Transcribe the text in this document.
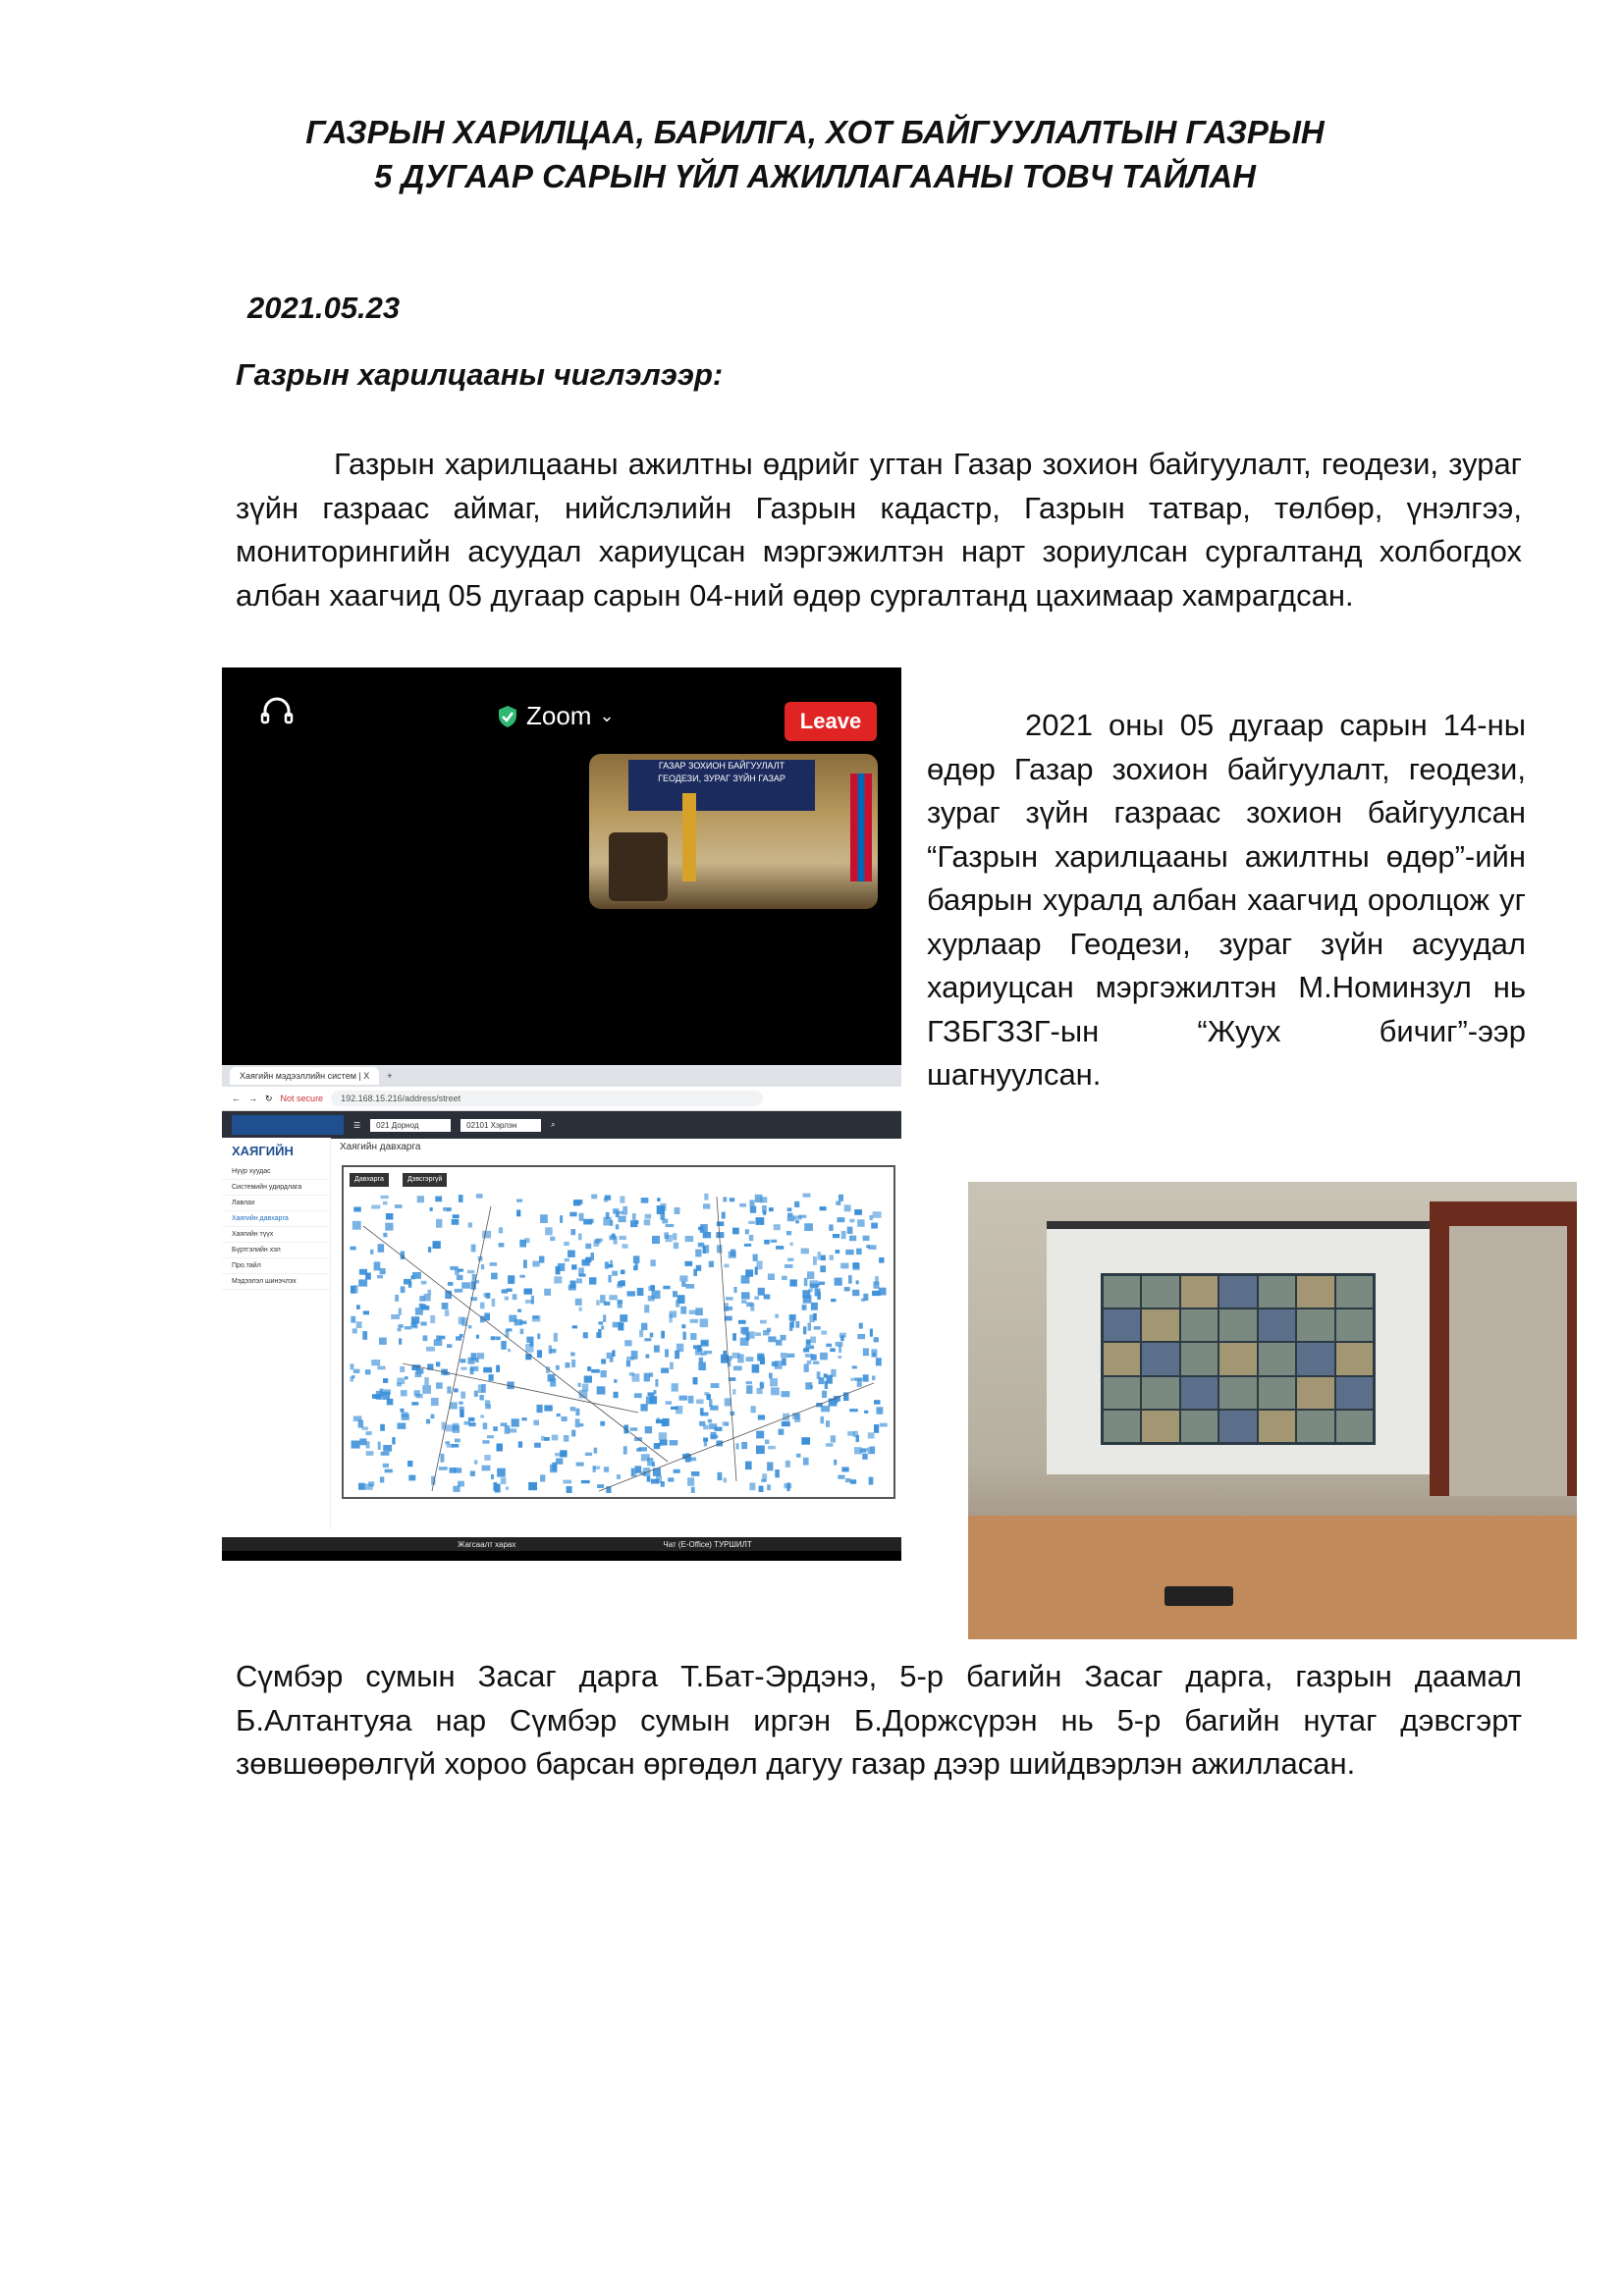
ГАЗРЫН ХАРИЛЦАА, БАРИЛГА, ХОТ БАЙГУУЛАЛТЫН ГАЗРЫН
5 ДУГААР САРЫН ҮЙЛ АЖИЛЛАГААНЫ ТОВЧ ТАЙЛАН
2021.05.23
Газрын харилцааны чиглэлээр:

Газрын харилцааны ажилтны өдрийг угтан Газар зохион байгуулалт, геодези, зураг зүйн газраас аймаг, нийслэлийн Газрын кадастр, Газрын татвар, төлбөр, үнэлгээ, мониторингийн асуудал хариуцсан мэргэжилтэн нарт зориулсан сургалтанд холбогдох албан хаагчид 05 дугаар сарын 04-ний өдөр сургалтанд цахимаар хамрагдсан.

Zoom ⌄	Leave
ГАЗАР ЗОХИОН БАЙГУУЛАЛТ
ГЕОДЕЗИ, ЗУРАГ ЗҮЙН ГАЗАР
Хаягийн мэдээллийн систем | Х	+
← → ↻ Not secure	192.168.15.216/address/street
☰	021 Дорнод	02101 Хэрлэн	⌕
ХАЯГИЙН
Нүүр хуудас
Системийн удирдлага
Лавлах
Хаягийн давхарга
Хаягийн түүх
Бүртгэлийн хэл
Про.тайл
Мэдээлэл шинэчлэх
Хаягийн давхарга
Давхарга	Дэвсгэргүй
Жагсаалт харах	Чат (E-Office) ТУРШИЛТ

2021 оны 05 дугаар сарын 14-ны өдөр Газар зохион байгуулалт, геодези, зураг зүйн газраас зохион байгуулсан “Газрын харилцааны ажилтны өдөр”-ийн баярын хуралд албан хаагчид оролцож уг хурлаар Геодези, зураг зүйн асуудал хариуцсан мэргэжилтэн М.Номинзул нь ГЗБГЗЗГ-ын “Жуух бичиг”-ээр шагнуулсан.

Сүмбэр сумын Засаг дарга Т.Бат-Эрдэнэ, 5-р багийн Засаг дарга, газрын даамал Б.Алтантуяа нар Сүмбэр сумын иргэн Б.Доржсүрэн нь 5-р багийн нутаг дэвсгэрт зөвшөөрөлгүй хороо барсан өргөдөл дагуу газар дээр шийдвэрлэн ажилласан.
